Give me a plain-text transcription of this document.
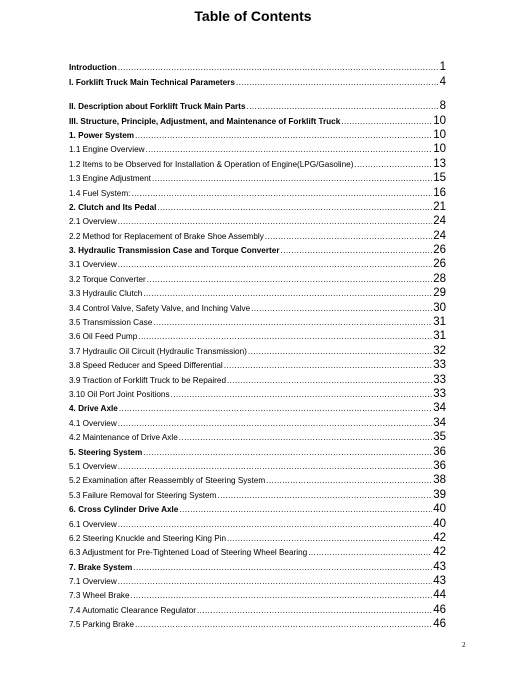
Table of Contents
Introduction .....	1
I. Forklift Truck Main Technical Parameters .....	4
II. Description about Forklift Truck Main Parts .....	8
III. Structure, Principle, Adjustment, and Maintenance of Forklift Truck .....	10
1. Power System .....	10
1.1 Engine Overview .....	10
1.2 Items to be Observed for Installation & Operation of Engine(LPG/Gasoline) .....	13
1.3 Engine Adjustment .....	15
1.4 Fuel System: .....	16
2. Clutch and Its Pedal .....	21
2.1 Overview .....	24
2.2 Method for Replacement of Brake Shoe Assembly .....	24
3. Hydraulic Transmission Case and Torque Converter .....	26
3.1 Overview .....	26
3.2 Torque Converter .....	28
3.3 Hydraulic Clutch .....	29
3.4 Control Valve, Safety Valve, and Inching Valve .....	30
3.5 Transmission Case .....	31
3.6 Oil Feed Pump .....	31
3.7 Hydraulic Oil Circuit (Hydraulic Transmission) .....	32
3.8 Speed Reducer and Speed Differential .....	33
3.9 Traction of Forklift Truck to be Repaired .....	33
3.10 Oil Port Joint Positions .....	33
4. Drive Axle .....	34
4.1 Overview .....	34
4.2 Maintenance of Drive Axle .....	35
5. Steering System .....	36
5.1 Overview .....	36
5.2 Examination after Reassembly of Steering System .....	38
5.3 Failure Removal for Steering System .....	39
6. Cross Cylinder Drive Axle .....	40
6.1 Overview .....	40
6.2 Steering Knuckle and Steering King Pin .....	42
6.3 Adjustment for Pre-Tightened Load of Steering Wheel Bearing .....	42
7. Brake System .....	43
7.1 Overview .....	43
7.3 Wheel Brake .....	44
7.4 Automatic Clearance Regulator .....	46
7.5 Parking Brake .....	46
2
